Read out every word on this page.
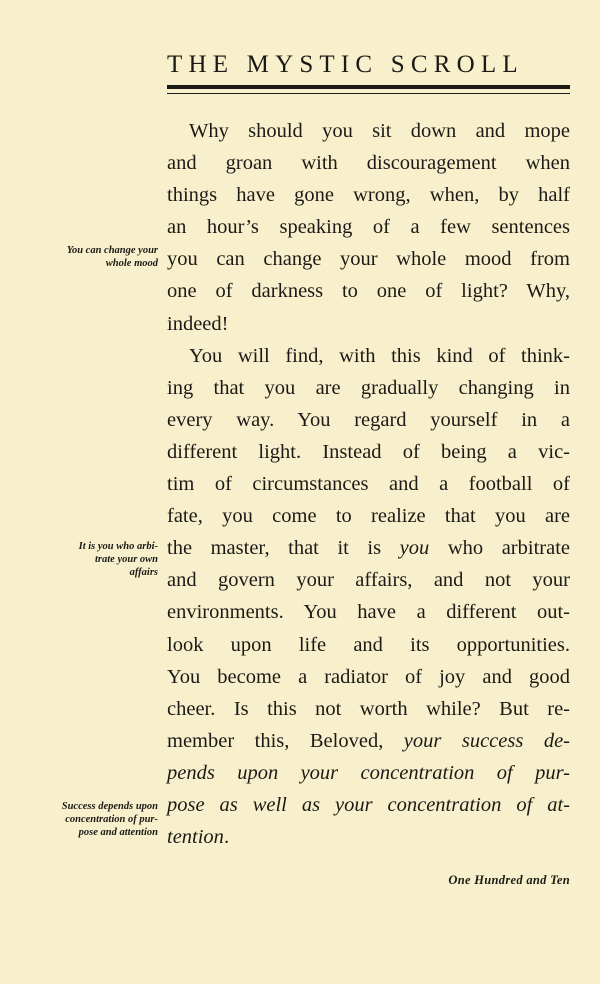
THE MYSTIC SCROLL
Why should you sit down and mope
and groan with discouragement when
things have gone wrong, when, by half
an hour’s speaking of a few sentences
you can change your whole mood from
one of darkness to one of light? Why,
indeed!
You will find, with this kind of think-
ing that you are gradually changing in
every way. You regard yourself in a
different light. Instead of being a vic-
tim of circumstances and a football of
fate, you come to realize that you are
the master, that it is you who arbitrate
and govern your affairs, and not your
environments. You have a different out-
look upon life and its opportunities.
You become a radiator of joy and good
cheer. Is this not worth while? But re-
member this, Beloved, your success de-
pends upon your concentration of pur-
pose as well as your concentration of at-
tention.
You can change your
whole mood
It is you who arbi-
trate your own
affairs
Success depends upon
concentration of pur-
pose and attention
One Hundred and Ten
